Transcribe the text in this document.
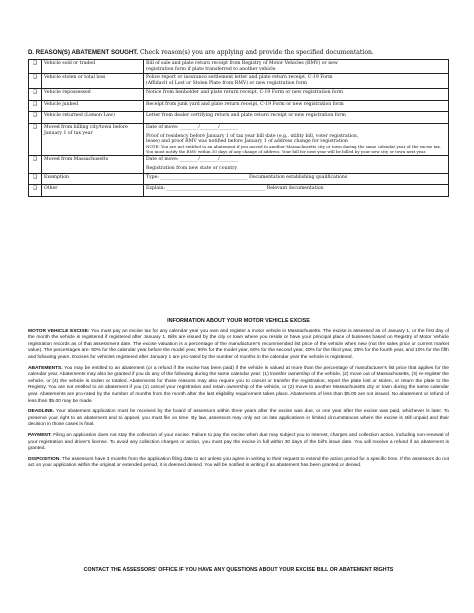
D. REASON(S) ABATEMENT SOUGHT. Check reason(s) you are applying and provide the specified documentation.
❑	Vehicle sold or traded	Bill of sale and plate return receipt from Registry of Motor Vehicles (RMV) or new
registration form if plate transferred to another vehicle

❑	Vehicle stolen or total loss	Police report or insurance settlement letter and plate return receipt, C-19 Form
(Affidavit of Lost or Stolen Plate from RMV) or new registration form

❑	Vehicle repossessed	Notice from lienholder and plate return receipt, C-19 Form or new registration form

❑	Vehicle junked	Receipt from junk yard and plate return receipt, C-19 Form or new registration form

❑	Vehicle returned (Lemon Law)	Letter from dealer certifying return and plate return receipt or new registration form

❑	Moved from billing city/town before January 1 of tax year	Date of move: ________/________/________
Proof of residency before January 1 of tax year bill date (e.g., utility bill, voter registration,
lease) and proof RMV was notified before January 1 of address change for registration
NOTE: You are not entitled to an abatement if you moved to another Massachusetts city or town during the same calendar year of the excise tax. You must notify the RMV within 30 days of any change of address. Your bill for next year will be billed by your new city or town next year.

❑	Moved from Massachusetts	Date of move: ________/________/________
Registration from new state or country

❑	Exemption	Type: ______________________________________ Documentation establishing qualifications

❑	Other	Explain: ___________________________________________ Relevant documentation
INFORMATION ABOUT YOUR MOTOR VEHICLE EXCISE

MOTOR VEHICLE EXCISE: You must pay an excise tax for any calendar year you own and register a motor vehicle in Massachusetts. The excise is assessed as of January 1, or the first day of the month the vehicle is registered if registered after January 1. Bills are issued by the city or town where you reside or have your principal place of business based on Registry of Motor Vehicle registration records as of that assessment date. The excise valuation is a percentage of the manufacturer's recommended list price of the vehicle when new (not the sales price or current market value). The percentages are: 50% for the calendar year before the model year, 90% for the model year, 60% for the second year, 40% for the third year, 25% for the fourth year, and 10% for the fifth and following years. Excises for vehicles registered after January 1 are pro-rated by the number of months in the calendar year the vehicle is registered.

ABATEMENTS. You may be entitled to an abatement (or a refund if the excise has been paid) if the vehicle is valued at more than the percentage of manufacturer's list price that applies for the calendar year. Abatements may also be granted if you do any of the following during the same calendar year: (1) transfer ownership of the vehicle, (2) move out of Massachusetts, (3) re-register the vehicle, or (4) the vehicle is stolen or totaled. Abatements for those reasons may also require you to cancel or transfer the registration, report the plate lost or stolen, or return the plate to the Registry. You are not entitled to an abatement if you (1) cancel your registration and retain ownership of the vehicle, or (2) move to another Massachusetts city or town during the same calendar year. Abatements are pro-rated by the number of months from the month after the last eligibility requirement takes place. Abatements of less than $5.00 are not issued. No abatement or refund of less than $5.00 may be made.

DEADLINE. Your abatement application must be received by the board of assessors within three years after the excise was due, or one year after the excise was paid, whichever is later. To preserve your right to an abatement and to appeal, you must file on time. By law, assessors may only act on late applications in limited circumstances where the excise is still unpaid and their decision in those cases is final.

PAYMENT. Filing an application does not stay the collection of your excise. Failure to pay the excise when due may subject you to interest, charges and collection action, including non-renewal of your registration and driver's license. To avoid any collection charges or action, you must pay the excise in full within 30 days of the bill's issue date. You will receive a refund if an abatement is granted.

DISPOSITION. The assessors have 3 months from the application filing date to act unless you agree in writing to their request to extend the action period for a specific time. If the assessors do not act on your application within the original or extended period, it is deemed denied. You will be notified in writing if an abatement has been granted or denied.

CONTACT THE ASSESSORS' OFFICE IF YOU HAVE ANY QUESTIONS ABOUT YOUR EXCISE BILL OR ABATEMENT RIGHTS
